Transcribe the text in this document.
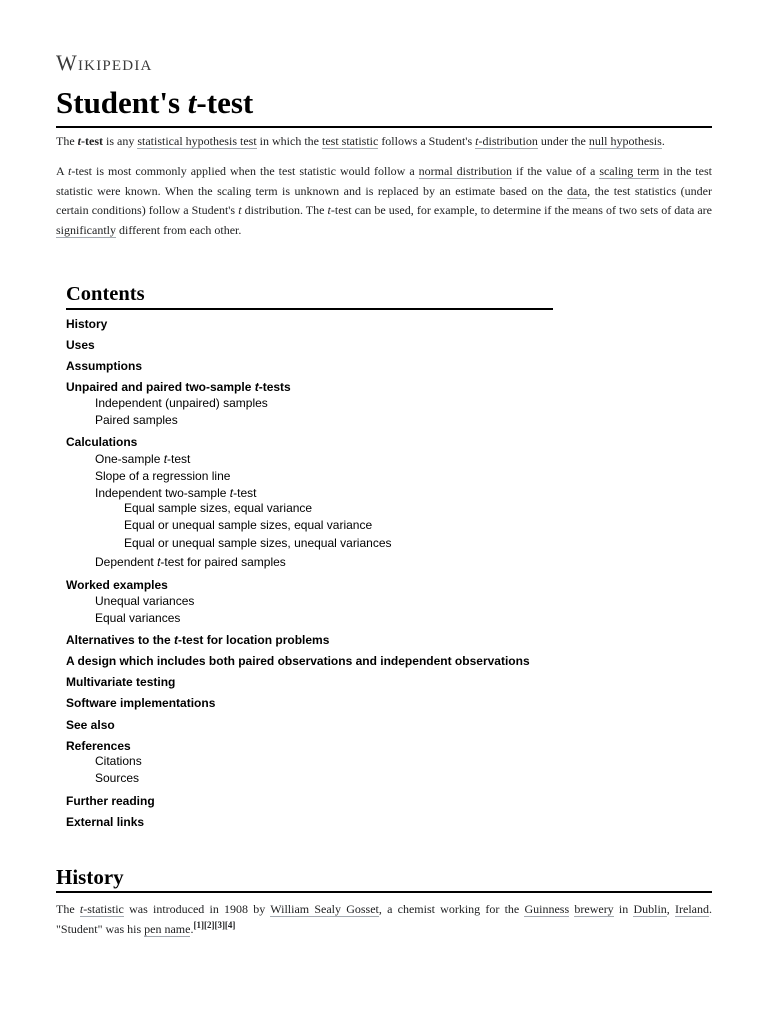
Wikipedia
Student's t-test

The t-test is any statistical hypothesis test in which the test statistic follows a Student's t-distribution under the null hypothesis.

A t-test is most commonly applied when the test statistic would follow a normal distribution if the value of a scaling term in the test statistic were known. When the scaling term is unknown and is replaced by an estimate based on the data, the test statistics (under certain conditions) follow a Student's t distribution. The t-test can be used, for example, to determine if the means of two sets of data are significantly different from each other.

Contents
History
Uses
Assumptions
Unpaired and paired two-sample t-tests
Independent (unpaired) samples
Paired samples
Calculations
One-sample t-test
Slope of a regression line
Independent two-sample t-test
Equal sample sizes, equal variance
Equal or unequal sample sizes, equal variance
Equal or unequal sample sizes, unequal variances
Dependent t-test for paired samples
Worked examples
Unequal variances
Equal variances
Alternatives to the t-test for location problems
A design which includes both paired observations and independent observations
Multivariate testing
Software implementations
See also
References
Citations
Sources
Further reading
External links
History

The t-statistic was introduced in 1908 by William Sealy Gosset, a chemist working for the Guinness brewery in Dublin, Ireland. "Student" was his pen name.[1][2][3][4]
